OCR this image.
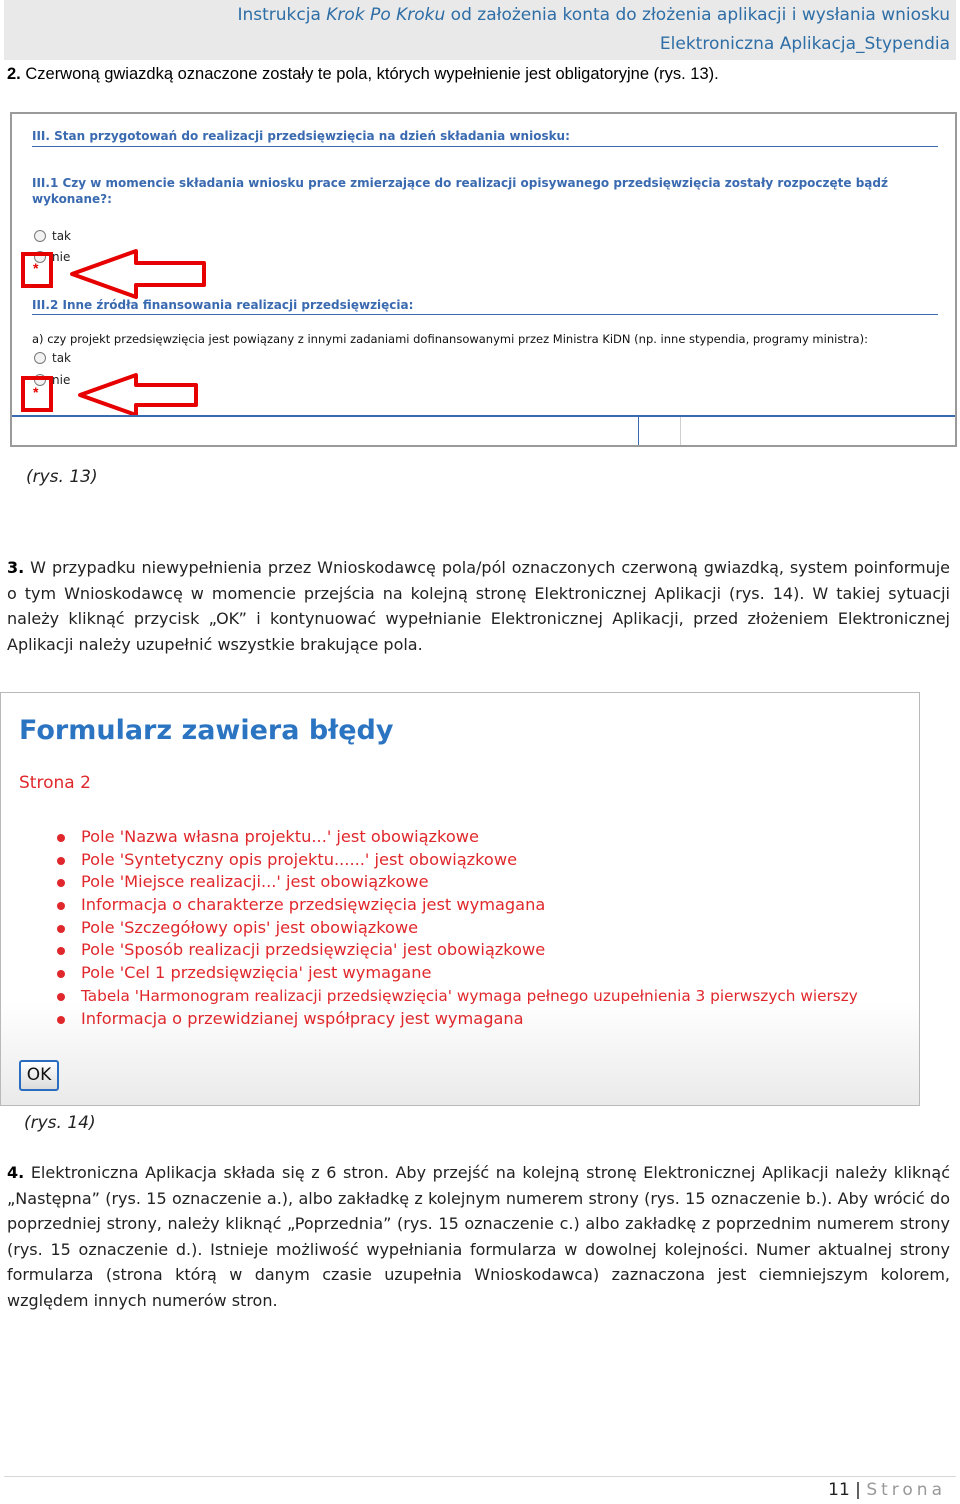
Instrukcja Krok Po Kroku od założenia konta do złożenia aplikacji i wysłania wniosku
Elektroniczna Aplikacja_Stypendia
2. Czerwoną gwiazdką oznaczone zostały te pola, których wypełnienie jest obligatoryjne (rys. 13).
III. Stan przygotowań do realizacji przedsięwzięcia na dzień składania wniosku:
III.1 Czy w momencie składania wniosku prace zmierzające do realizacji opisywanego przedsięwzięcia zostały rozpoczęte bądź
wykonane?:
tak
nie
*
III.2 Inne źródła finansowania realizacji przedsięwzięcia:
a) czy projekt przedsięwzięcia jest powiązany z innymi zadaniami dofinansowanymi przez Ministra KiDN (np. inne stypendia, programy ministra):
tak
nie
*
(rys. 13)
3. W przypadku niewypełnienia przez Wnioskodawcę pola/pól oznaczonych czerwoną gwiazdką, system poinformuje o tym Wnioskodawcę w momencie przejścia na kolejną stronę Elektronicznej Aplikacji (rys. 14). W takiej sytuacji należy kliknąć przycisk „OK” i kontynuować wypełnianie Elektronicznej Aplikacji, przed złożeniem Elektronicznej Aplikacji należy uzupełnić wszystkie brakujące pola.
Formularz zawiera błędy
Strona 2
Pole 'Nazwa własna projektu...' jest obowiązkowe
Pole 'Syntetyczny opis projektu......' jest obowiązkowe
Pole 'Miejsce realizacji...' jest obowiązkowe
Informacja o charakterze przedsięwzięcia jest wymagana
Pole 'Szczegółowy opis' jest obowiązkowe
Pole 'Sposób realizacji przedsięwzięcia' jest obowiązkowe
Pole 'Cel 1 przedsięwzięcia' jest wymagane
Tabela 'Harmonogram realizacji przedsięwzięcia' wymaga pełnego uzupełnienia 3 pierwszych wierszy
Informacja o przewidzianej współpracy jest wymagana
OK
(rys. 14)
4. Elektroniczna Aplikacja składa się z 6 stron. Aby przejść na kolejną stronę Elektronicznej Aplikacji należy kliknąć „Następna” (rys. 15 oznaczenie a.), albo zakładkę z kolejnym numerem strony (rys. 15 oznaczenie b.). Aby wrócić do poprzedniej strony, należy kliknąć „Poprzednia” (rys. 15 oznaczenie c.) albo zakładkę z poprzednim numerem strony (rys. 15 oznaczenie d.). Istnieje możliwość wypełniania formularza w dowolnej kolejności. Numer aktualnej strony formularza (strona którą w danym czasie uzupełnia Wnioskodawca) zaznaczona jest ciemniejszym kolorem, względem innych numerów stron.
11 | Strona
